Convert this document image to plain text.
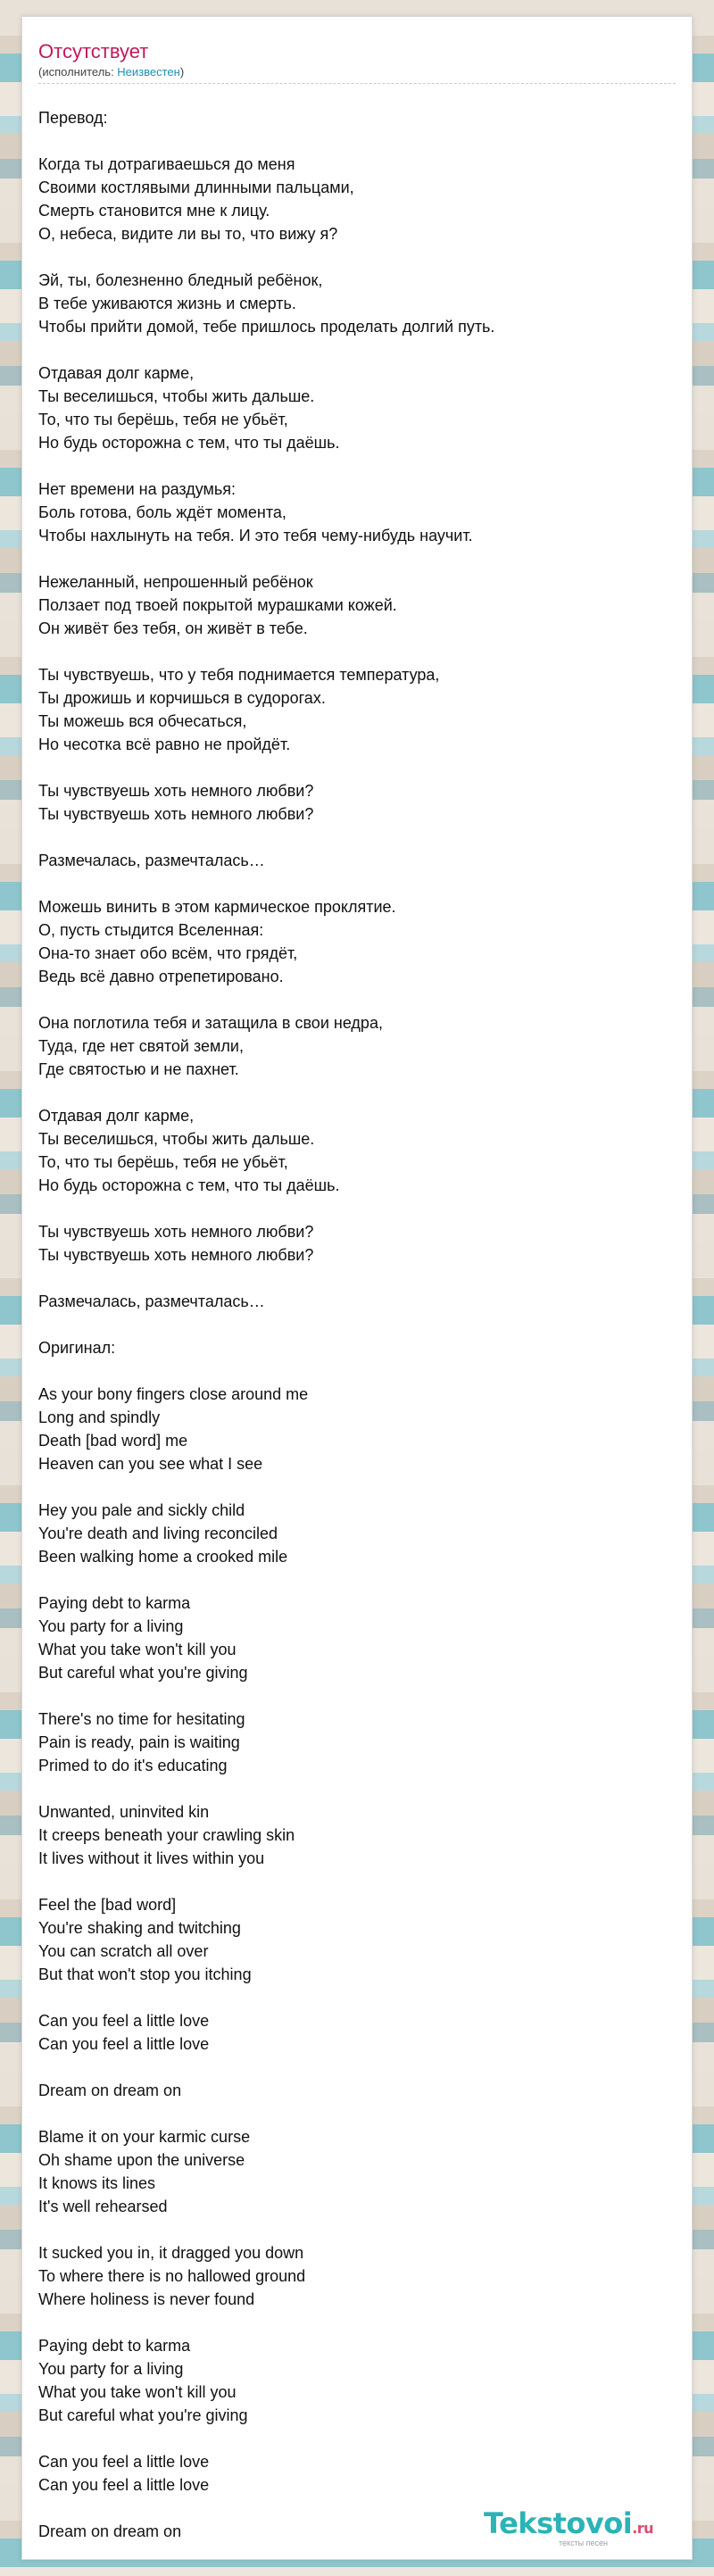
Отсутствует
(исполнитель: Неизвестен)
Перевод:
Когда ты дотрагиваешься до меня
Своими костлявыми длинными пальцами,
Смерть становится мне к лицу.
О, небеса, видите ли вы то, что вижу я?
Эй, ты, болезненно бледный ребёнок,
В тебе уживаются жизнь и смерть.
Чтобы прийти домой, тебе пришлось проделать долгий путь.
Отдавая долг карме,
Ты веселишься, чтобы жить дальше.
То, что ты берёшь, тебя не убьёт,
Но будь осторожна с тем, что ты даёшь.
Нет времени на раздумья:
Боль готова, боль ждёт момента,
Чтобы нахлынуть на тебя. И это тебя чему-нибудь научит.
Нежеланный, непрошенный ребёнок
Ползает под твоей покрытой мурашками кожей.
Он живёт без тебя, он живёт в тебе.
Ты чувствуешь, что у тебя поднимается температура,
Ты дрожишь и корчишься в судорогах.
Ты можешь вся обчесаться,
Но чесотка всё равно не пройдёт.
Ты чувствуешь хоть немного любви?
Ты чувствуешь хоть немного любви?
Размечалась, размечталась…
Можешь винить в этом кармическое проклятие.
О, пусть стыдится Вселенная:
Она-то знает обо всём, что грядёт,
Ведь всё давно отрепетировано.
Она поглотила тебя и затащила в свои недра,
Туда, где нет святой земли,
Где святостью и не пахнет.
Отдавая долг карме,
Ты веселишься, чтобы жить дальше.
То, что ты берёшь, тебя не убьёт,
Но будь осторожна с тем, что ты даёшь.
Ты чувствуешь хоть немного любви?
Ты чувствуешь хоть немного любви?
Размечалась, размечталась…
Оригинал:
As your bony fingers close around me
Long and spindly
Death [bad word] me
Heaven can you see what I see
Hey you pale and sickly child
You're death and living reconciled
Been walking home a crooked mile
Paying debt to karma
You party for a living
What you take won't kill you
But careful what you're giving
There's no time for hesitating
Pain is ready, pain is waiting
Primed to do it's educating
Unwanted, uninvited kin
It creeps beneath your crawling skin
It lives without it lives within you
Feel the [bad word]
You're shaking and twitching
You can scratch all over
But that won't stop you itching
Can you feel a little love
Can you feel a little love
Dream on dream on
Blame it on your karmic curse
Oh shame upon the universe
It knows its lines
It's well rehearsed
It sucked you in, it dragged you down
To where there is no hallowed ground
Where holiness is never found
Paying debt to karma
You party for a living
What you take won't kill you
But careful what you're giving
Can you feel a little love
Can you feel a little love
Dream on dream on	Tekstovoi.ru
тексты песен
